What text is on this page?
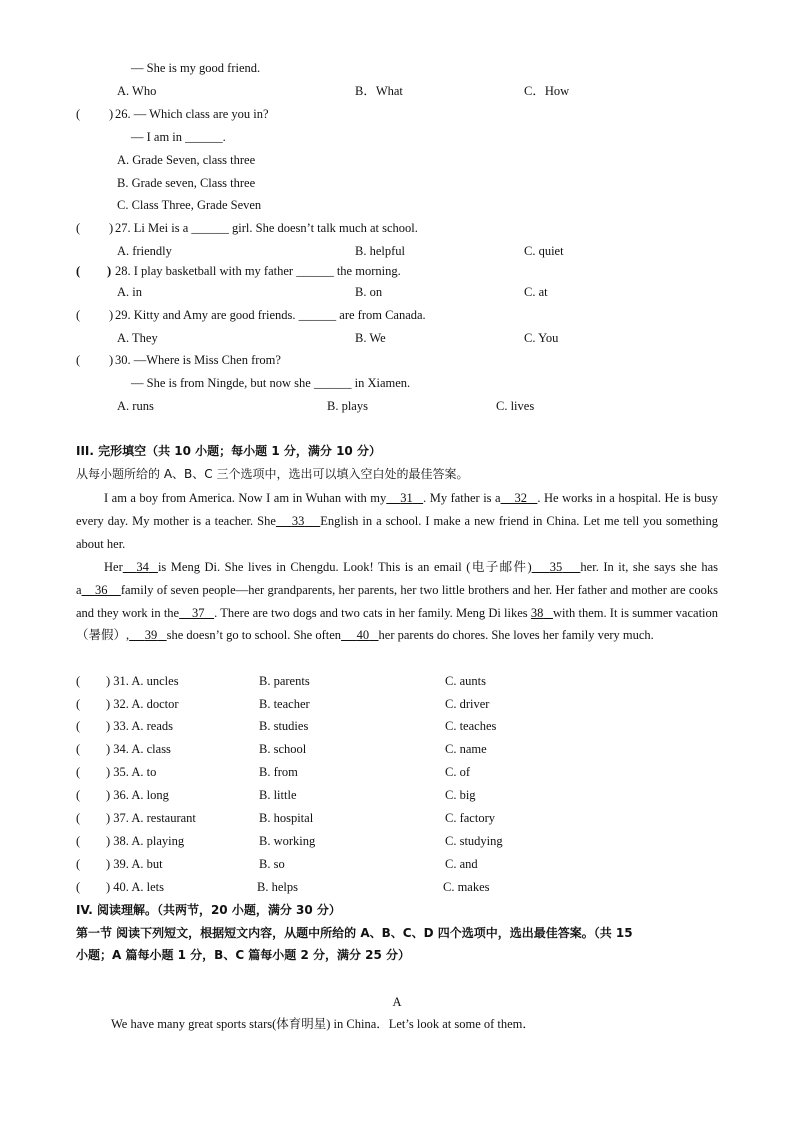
— She is my good friend.
A. Who	B．What	C．How
( ) 26. — Which class are you in?
— I am in ______.
A. Grade Seven, class three
B. Grade seven, Class three
C. Class Three, Grade Seven
( ) 27. Li Mei is a ______ girl. She doesn’t talk much at school.
A. friendly	B. helpful	C. quiet
( ) 28. I play basketball with my father ______ the morning.
A. in	B. on	C. at
( ) 29. Kitty and Amy are good friends. ______ are from Canada.
A. They	B. We	C. You
( ) 30. —Where is Miss Chen from?
— She is from Ningde, but now she ______ in Xiamen.
A. runs	B. plays	C. lives
III. 完形填空（共 10 小题；每小题 1 分，满分 10 分）
从每小题所给的 A、B、C 三个选项中，选出可以填入空白处的最佳答案。
I am a boy from America. Now I am in Wuhan with my 31 . My father is a 32 . He works in a hospital. He is busy every day. My mother is a teacher. She 33 English in a school. I make a new friend in China. Let me tell you something about her.
Her 34 is Meng Di. She lives in Chengdu. Look! This is an email (电子邮件) 35 her. In it, she says she has a 36 family of seven people—her grandparents, her parents, her two little brothers and her. Her father and mother are cooks and they work in the 37 . There are two dogs and two cats in her family. Meng Di likes 38 with them. It is summer vacation（暑假）, 39 she doesn’t go to school. She often 40 her parents do chores. She loves her family very much.
( ) 31. A. uncles	B. parents	C. aunts
( ) 32. A. doctor	B. teacher	C. driver
( ) 33. A. reads	B. studies	C. teaches
( ) 34. A. class	B. school	C. name
( ) 35. A. to	B. from	C. of
( ) 36. A. long	B. little	C. big
( ) 37. A. restaurant	B. hospital	C. factory
( ) 38. A. playing	B. working	C. studying
( ) 39. A. but	B. so	C. and
( ) 40. A. lets	B. helps	C. makes
IV. 阅读理解。（共两节，20 小题，满分 30 分）
第一节 阅读下列短文，根据短文内容，从题中所给的 A、B、C、D 四个选项中，选出最佳答案。（共 15
小题；A 篇每小题 1 分，B、C 篇每小题 2 分，满分 25 分）
A
We have many great sports stars(体育明星) in China．Let’s look at some of them．
